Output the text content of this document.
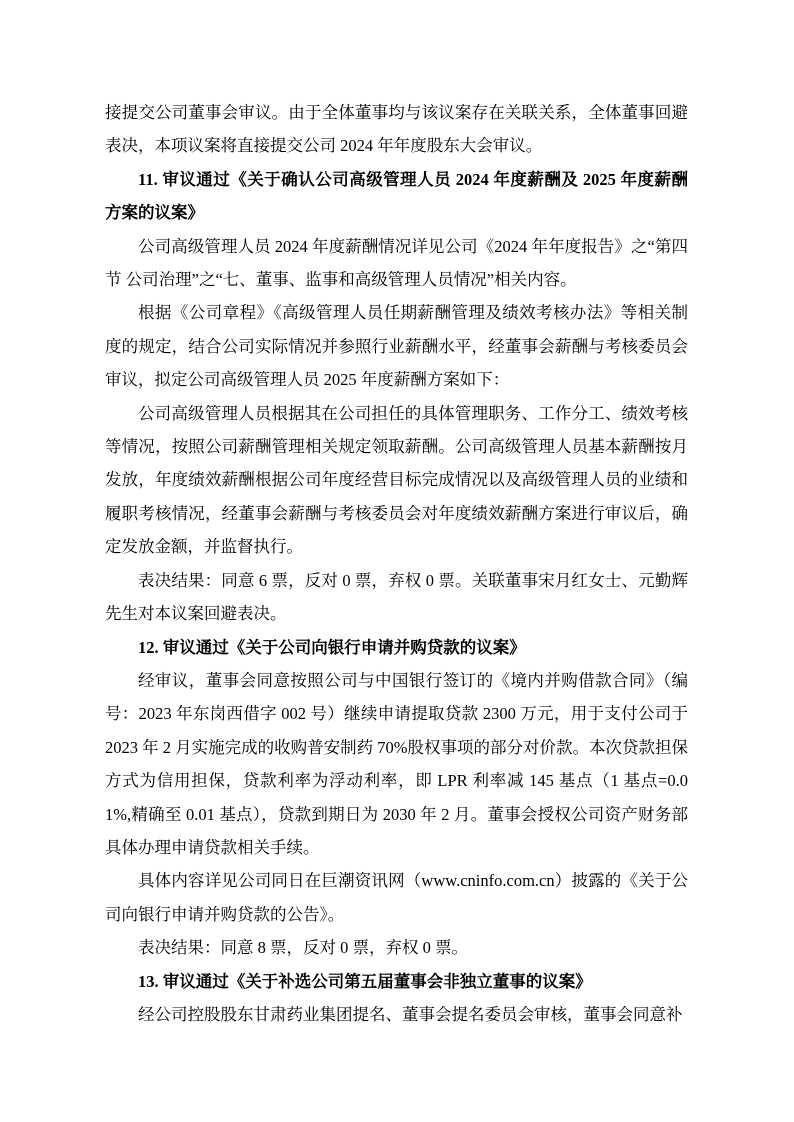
接提交公司董事会审议。由于全体董事均与该议案存在关联关系，全体董事回避表决，本项议案将直接提交公司 2024 年年度股东大会审议。

11. 审议通过《关于确认公司高级管理人员 2024 年度薪酬及 2025 年度薪酬方案的议案》

公司高级管理人员 2024 年度薪酬情况详见公司《2024 年年度报告》之“第四节 公司治理”之“七、董事、监事和高级管理人员情况”相关内容。

根据《公司章程》《高级管理人员任期薪酬管理及绩效考核办法》等相关制度的规定，结合公司实际情况并参照行业薪酬水平，经董事会薪酬与考核委员会审议，拟定公司高级管理人员 2025 年度薪酬方案如下：

公司高级管理人员根据其在公司担任的具体管理职务、工作分工、绩效考核等情况，按照公司薪酬管理相关规定领取薪酬。公司高级管理人员基本薪酬按月发放，年度绩效薪酬根据公司年度经营目标完成情况以及高级管理人员的业绩和履职考核情况，经董事会薪酬与考核委员会对年度绩效薪酬方案进行审议后，确定发放金额，并监督执行。

表决结果：同意 6 票，反对 0 票，弃权 0 票。关联董事宋月红女士、元勤辉先生对本议案回避表决。

12. 审议通过《关于公司向银行申请并购贷款的议案》

经审议，董事会同意按照公司与中国银行签订的《境内并购借款合同》（编号：2023 年东岗西借字 002 号）继续申请提取贷款 2300 万元，用于支付公司于 2023 年 2 月实施完成的收购普安制药 70%股权事项的部分对价款。本次贷款担保方式为信用担保，贷款利率为浮动利率，即 LPR 利率减 145 基点（1 基点=0.01%,精确至 0.01 基点），贷款到期日为 2030 年 2 月。董事会授权公司资产财务部具体办理申请贷款相关手续。

具体内容详见公司同日在巨潮资讯网（www.cninfo.com.cn）披露的《关于公司向银行申请并购贷款的公告》。

表决结果：同意 8 票，反对 0 票，弃权 0 票。

13. 审议通过《关于补选公司第五届董事会非独立董事的议案》

经公司控股股东甘肃药业集团提名、董事会提名委员会审核，董事会同意补
